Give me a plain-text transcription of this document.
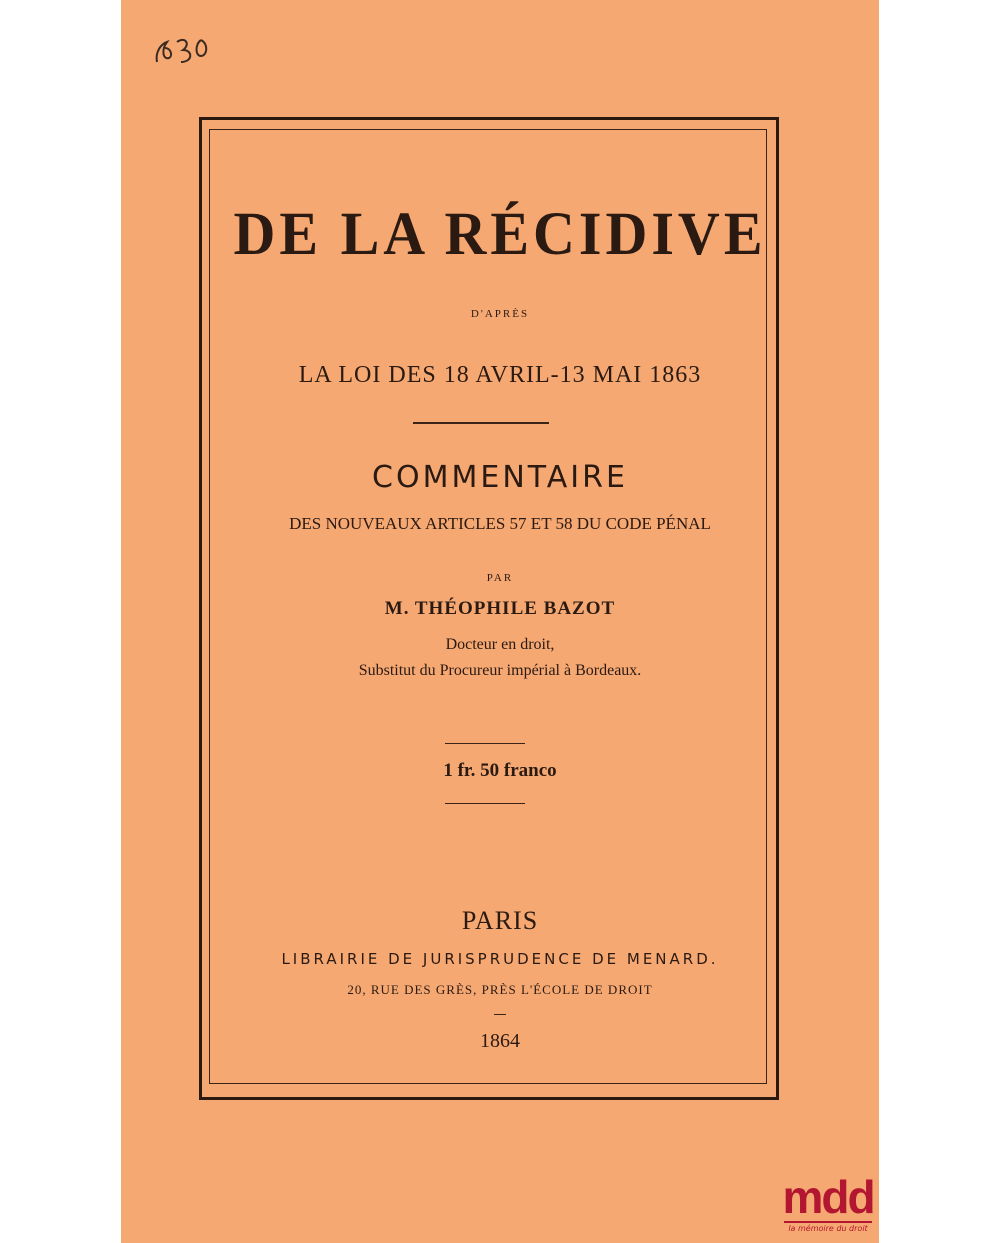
DE LA RÉCIDIVE
D'APRÈS
LA LOI DES 18 AVRIL-13 MAI 1863
COMMENTAIRE
DES NOUVEAUX ARTICLES 57 ET 58 DU CODE PÉNAL
PAR
M. THÉOPHILE BAZOT
Docteur en droit,
Substitut du Procureur impérial à Bordeaux.
1 fr. 50 franco
PARIS
LIBRAIRIE DE JURISPRUDENCE DE MENARD.
20, RUE DES GRÈS, PRÈS L'ÉCOLE DE DROIT
1864
mdd
la mémoire du droit
